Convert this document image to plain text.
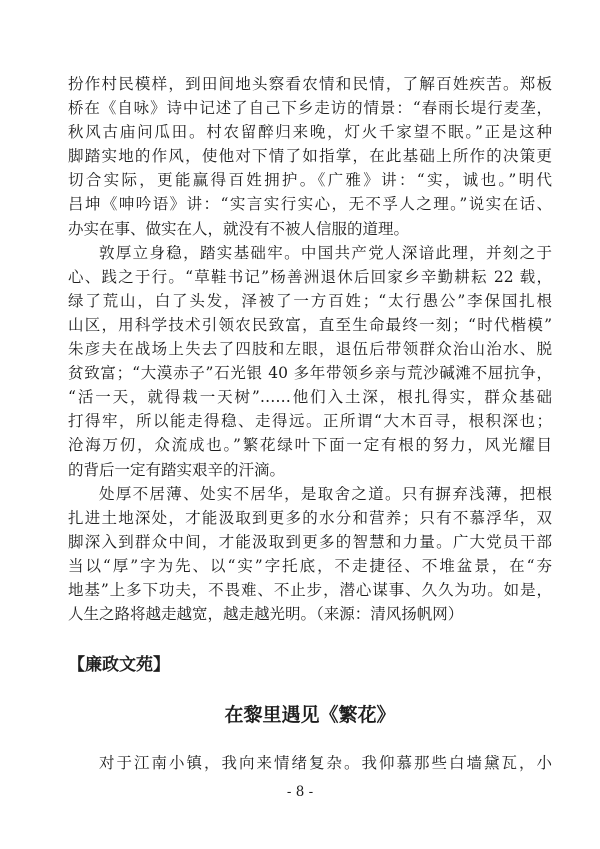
扮作村民模样，到田间地头察看农情和民情，了解百姓疾苦。郑板
桥在《自咏》诗中记述了自己下乡走访的情景：“春雨长堤行麦垄，
秋风古庙问瓜田。村农留醉归来晚，灯火千家望不眠。”正是这种
脚踏实地的作风，使他对下情了如指掌，在此基础上所作的决策更
切合实际，更能赢得百姓拥护。《广雅》讲：“实，诚也。”明代
吕坤《呻吟语》讲：“实言实行实心，无不孚人之理。”说实在话、
办实在事、做实在人，就没有不被人信服的道理。
敦厚立身稳，踏实基础牢。中国共产党人深谙此理，并刻之于
心、践之于行。“草鞋书记”杨善洲退休后回家乡辛勤耕耘 22 载，
绿了荒山，白了头发，泽被了一方百姓；“太行愚公”李保国扎根
山区，用科学技术引领农民致富，直至生命最终一刻；“时代楷模”
朱彦夫在战场上失去了四肢和左眼，退伍后带领群众治山治水、脱
贫致富；“大漠赤子”石光银 40 多年带领乡亲与荒沙碱滩不屈抗争，
“活一天，就得栽一天树”……他们入土深，根扎得实，群众基础
打得牢，所以能走得稳、走得远。正所谓“大木百寻，根积深也；
沧海万仞，众流成也。”繁花绿叶下面一定有根的努力，风光耀目
的背后一定有踏实艰辛的汗滴。
处厚不居薄、处实不居华，是取舍之道。只有摒弃浅薄，把根
扎进土地深处，才能汲取到更多的水分和营养；只有不慕浮华，双
脚深入到群众中间，才能汲取到更多的智慧和力量。广大党员干部
当以“厚”字为先、以“实”字托底，不走捷径、不堆盆景，在“夯
地基”上多下功夫，不畏难、不止步，潜心谋事、久久为功。如是，
人生之路将越走越宽，越走越光明。（来源：清风扬帆网）
【廉政文苑】
在黎里遇见《繁花》
对于江南小镇，我向来情绪复杂。我仰慕那些白墙黛瓦，小
- 8 -
